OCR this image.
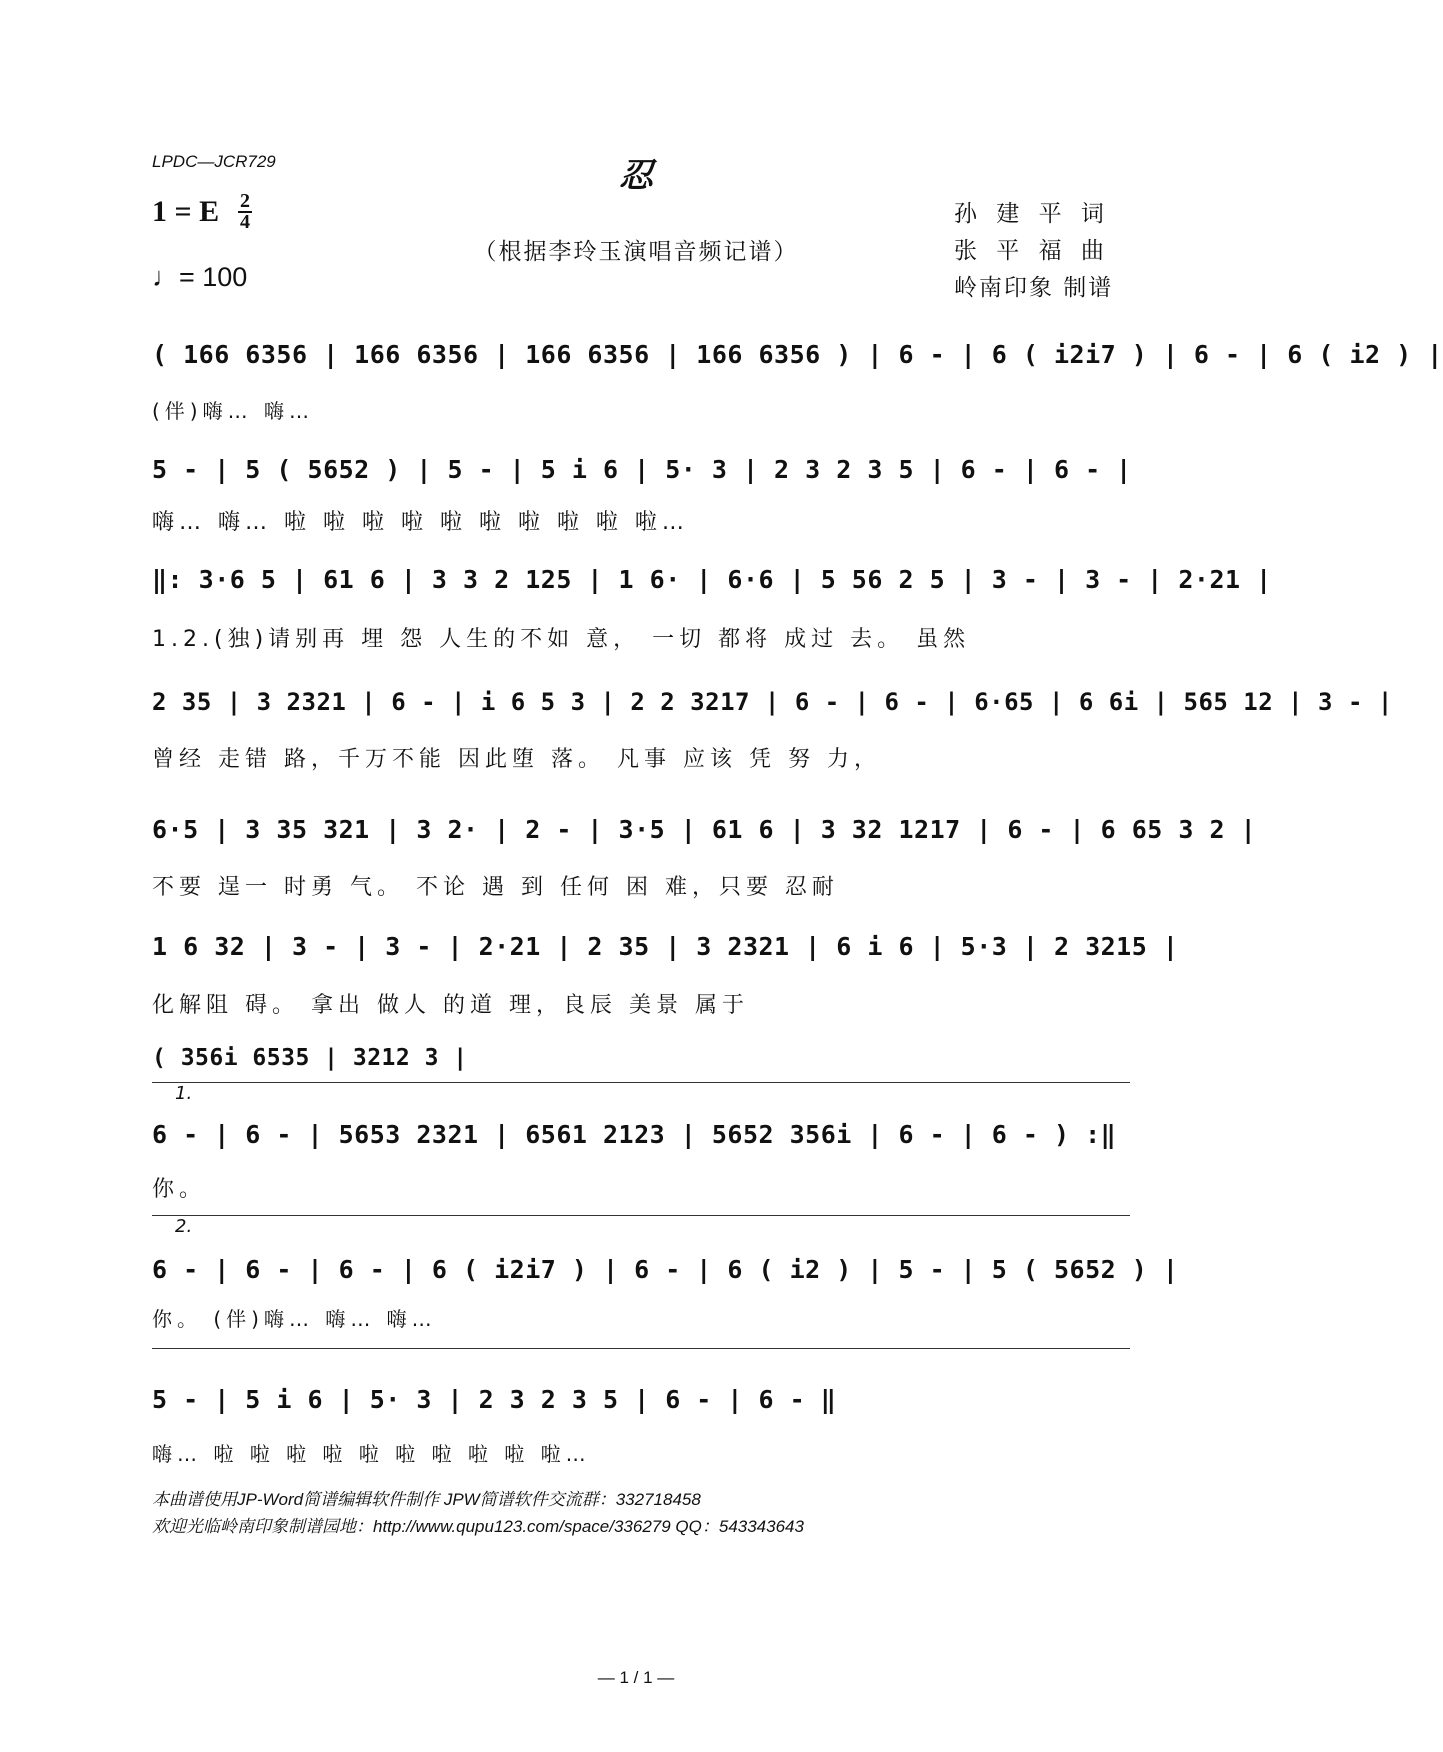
LPDC—JCR729	忍
1 = E 2
4
♩= 100
（根据李玲玉演唱音频记谱）
孙 建 平 词
张 平 福 曲
岭南印象 制谱
( 166 6356 | 166 6356 | 166 6356 | 166 6356 ) | 6 - | 6 ( i2i7 ) | 6 - | 6 ( i2 ) |
(伴)嗨… 嗨…
5 - | 5 ( 5652 ) | 5 - | 5 i 6 | 5· 3 | 2 3 2 3 5 | 6 - | 6 - |
嗨… 嗨… 啦 啦 啦 啦 啦 啦 啦 啦 啦 啦…
‖: 3·6 5 | 61 6 | 3 3 2 125 | 1 6· | 6·6 | 5 56 2 5 | 3 - | 3 - | 2·21 |
1.2.(独)请别再 埋 怨 人生的不如 意， 一切 都将 成过 去。 虽然
2 35 | 3 2321 | 6 - | i 6 5 3 | 2 2 3217 | 6 - | 6 - | 6·65 | 6 6i | 565 12 | 3 - |
曾经 走错 路，千万不能 因此堕 落。 凡事 应该 凭 努 力，
6·5 | 3 35 321 | 3 2· | 2 - | 3·5 | 61 6 | 3 32 1217 | 6 - | 6 65 3 2 |
不要 逞一 时勇 气。 不论 遇 到 任何 困 难，只要 忍耐
1 6 32 | 3 - | 3 - | 2·21 | 2 35 | 3 2321 | 6 i 6 | 5·3 | 2 3215 |
化解阻 碍。 拿出 做人 的道 理，良辰 美景 属于
( 356i 6535 | 3212 3 |
1.
6 - | 6 - | 5653 2321 | 6561 2123 | 5652 356i | 6 - | 6 - ) :‖
你。
2.
6 - | 6 - | 6 - | 6 ( i2i7 ) | 6 - | 6 ( i2 ) | 5 - | 5 ( 5652 ) |
你。 (伴)嗨… 嗨… 嗨…
5 - | 5 i 6 | 5· 3 | 2 3 2 3 5 | 6 - | 6 - ‖
嗨… 啦 啦 啦 啦 啦 啦 啦 啦 啦 啦…
本曲谱使用JP-Word简谱编辑软件制作 JPW简谱软件交流群：332718458
欢迎光临岭南印象制谱园地：http://www.qupu123.com/space/336279 QQ：543343643
— 1 / 1 —
